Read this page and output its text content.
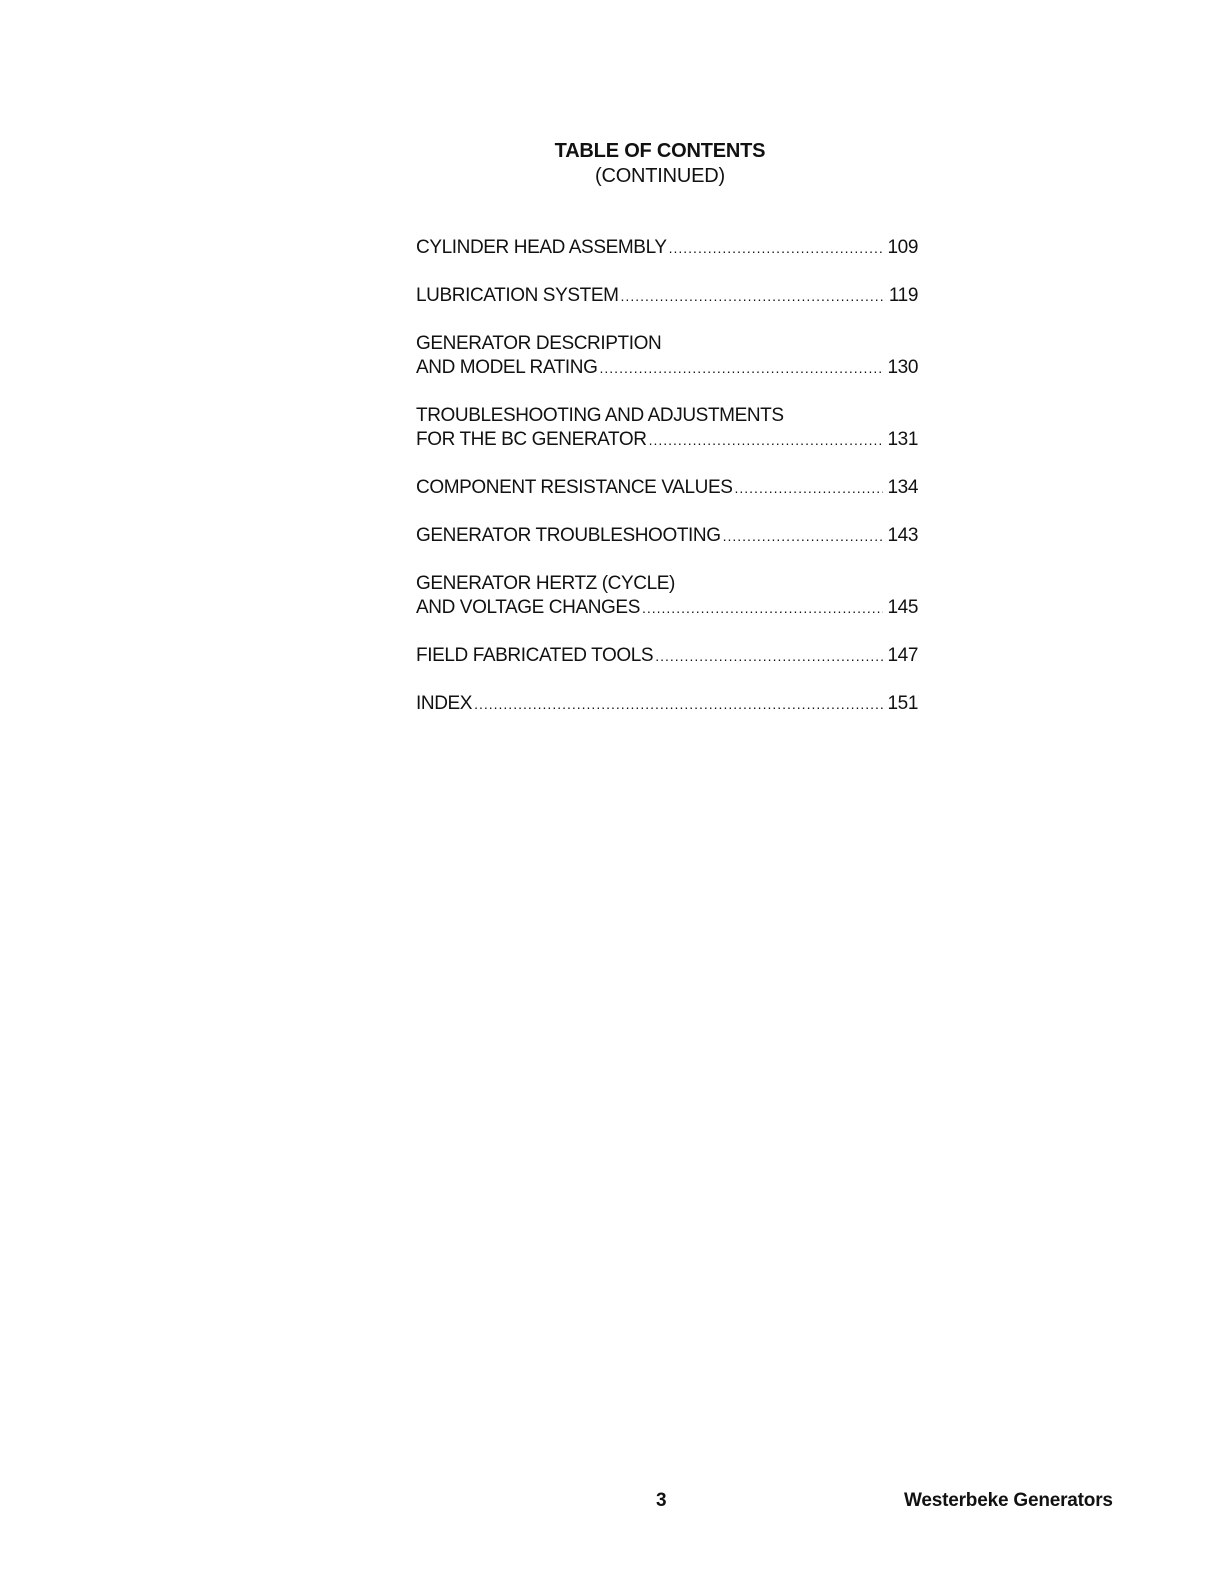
TABLE OF CONTENTS
(CONTINUED)
CYLINDER HEAD ASSEMBLY .....	109
LUBRICATION SYSTEM .....	119
GENERATOR DESCRIPTION
AND MODEL RATING .....	130
TROUBLESHOOTING AND ADJUSTMENTS
FOR THE BC GENERATOR .....	131
COMPONENT RESISTANCE VALUES .....	134
GENERATOR TROUBLESHOOTING .....	143
GENERATOR HERTZ (CYCLE)
AND VOLTAGE CHANGES .....	145
FIELD FABRICATED TOOLS .....	147
INDEX .....	151
3	Westerbeke Generators
